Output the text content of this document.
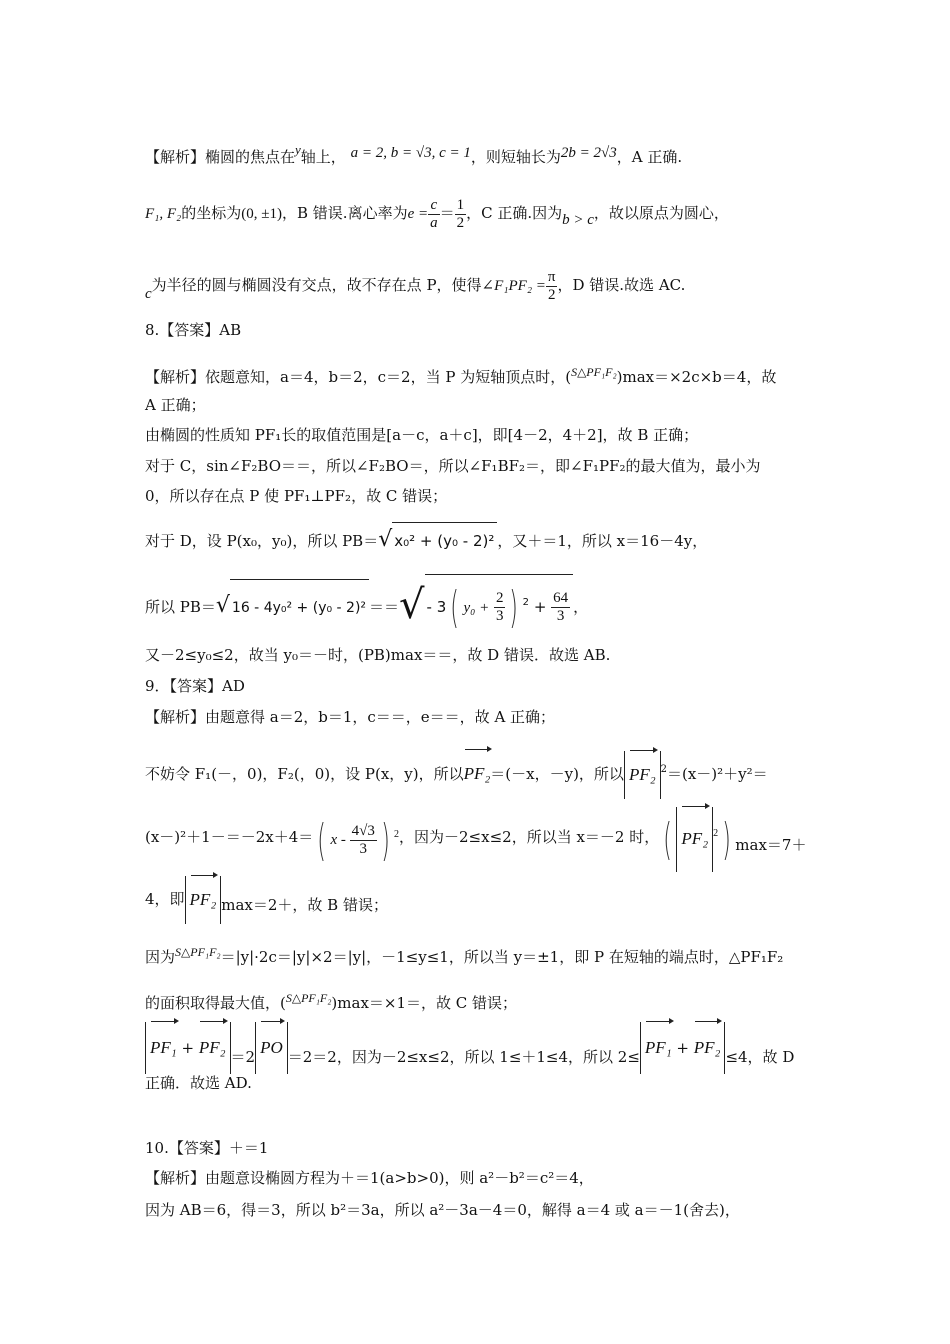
【解析】椭圆的焦点在y轴上， a = 2, b = √3, c = 1，则短轴长为2b = 2√3，A 正确.
F₁, F₂的坐标为(0, ±1)，B 错误.离心率为$e = \frac{c}{a} = \frac{1}{2}$ ，C 正确.因为b > c，故以原点为圆心，
c为半径的圆与椭圆没有交点，故不存在点 P，使得∠F₁PF₂ = $\frac{\pi}{2}$ ，D 错误.故选 AC.
8.【答案】AB
【解析】依题意知，a＝4，b＝2，c＝2，当 P 为短轴顶点时，($^{S\triangle PF_1F_2}$)max＝×2c×b＝4，故
A 正确；
由椭圆的性质知 PF₁长的取值范围是[a－c，a＋c]，即[4－2，4＋2]，故 B 正确；
对于 C，sin∠F₂BO＝＝，所以∠F₂BO＝，所以∠F₁BF₂＝，即∠F₁PF₂的最大值为，最小为
0，所以存在点 P 使 PF₁⊥PF₂，故 C 错误；
对于 D，设 P(x₀，y₀)，所以 PB＝√ x₀² + (y₀ - 2)² ，又＋＝1，所以 x＝16－4y，
所以 PB＝√ 16 - 4y₀² + (y₀ - 2)² ＝＝√ - 3( $y_0 + \frac{2}{3}$ ) $^2 + \frac{64}{3}$ ，
又－2≤y₀≤2，故当 y₀＝－时，(PB)max＝＝，故 D 错误．故选 AB.
9．【答案】AD
【解析】由题意得 a＝2，b＝1，c＝＝，e＝＝，故 A 正确；
不妨令 F₁(－，0)，F₂(，0)，设 P(x，y)，所以PF₂＝(－x，－y)，所以 PF₂ $^2$＝(x－)²＋y²＝
(x－)²＋1－＝－2x＋4＝( x - $\frac{4√3}{3}$ ) $^2$，因为－2≤x≤2，所以当 x＝－2 时，( PF₂ $^2$) max＝7＋
4，即 PF₂ max＝2＋，故 B 错误；
因为$^{S\triangle PF_1F_2}$＝|y|·2c＝|y|×2＝|y|，－1≤y≤1，所以当 y＝±1，即 P 在短轴的端点时，△PF₁F₂
的面积取得最大值，($^{S\triangle PF_1F_2}$)max＝×1＝，故 C 错误；
PF₁ + PF₂ ＝2 PO ＝2＝2，因为－2≤x≤2，所以 1≤＋1≤4，所以 2≤ PF₁ + PF₂ ≤4，故 D
正确．故选 AD.
10.【答案】＋＝1
【解析】由题意设椭圆方程为＋＝1(a>b>0)，则 a²－b²＝c²＝4，
因为 AB＝6，得＝3，所以 b²＝3a，所以 a²－3a－4＝0，解得 a＝4 或 a＝－1(舍去)，
